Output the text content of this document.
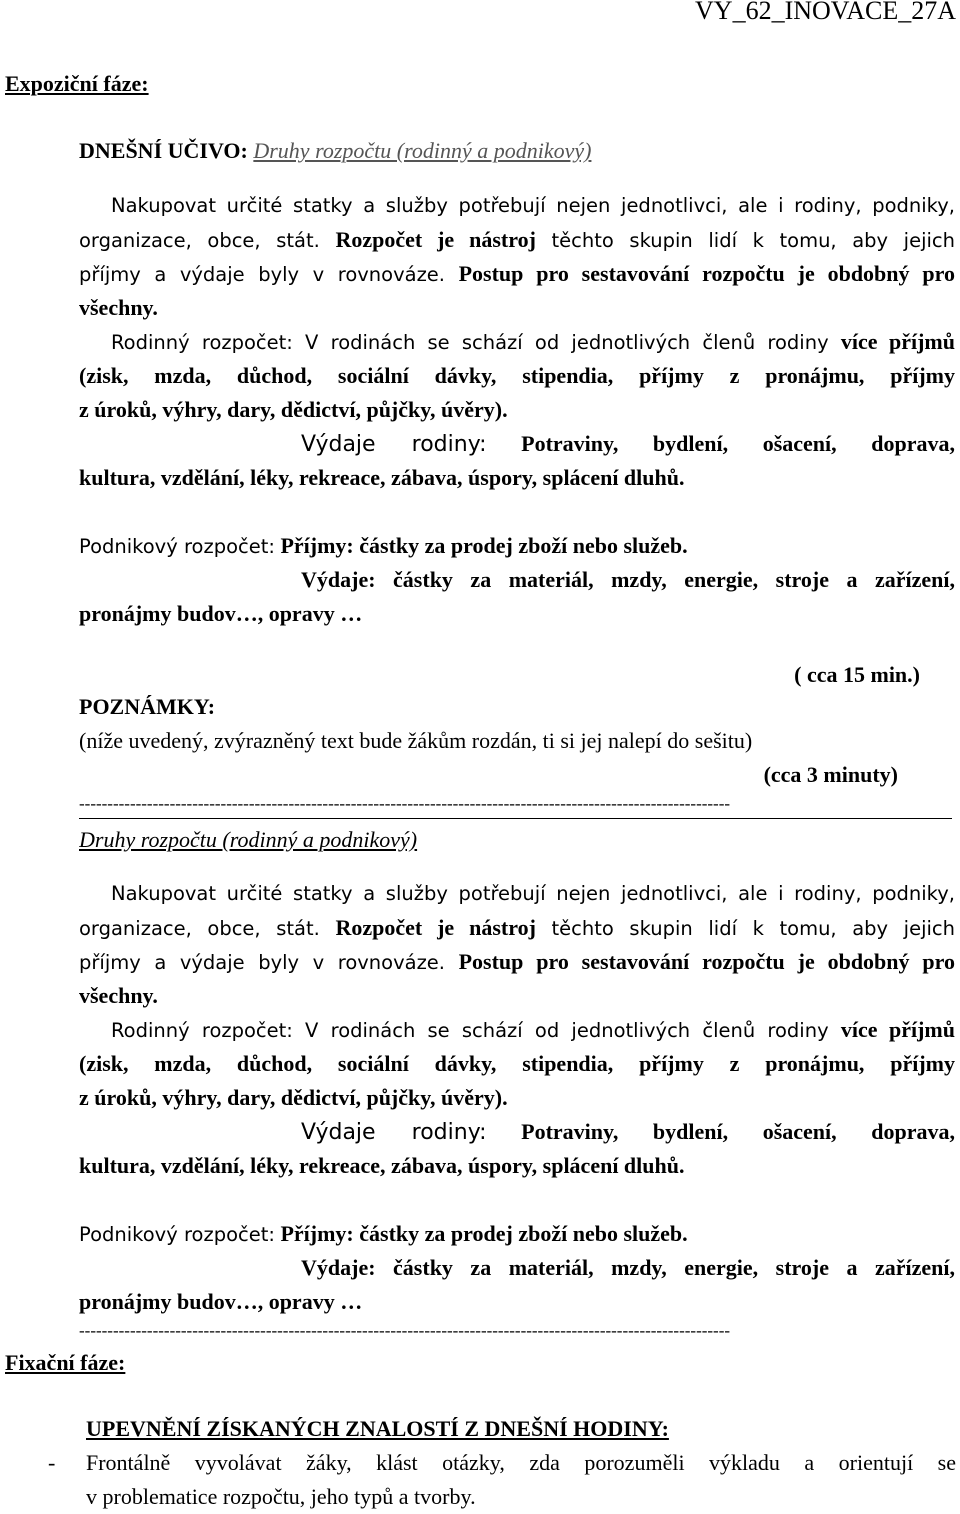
VY_62_INOVACE_27A
Expoziční fáze:
DNEŠNÍ UČIVO: Druhy rozpočtu (rodinný a podnikový)
Nakupovat určité statky a služby potřebují nejen jednotlivci, ale i rodiny, podniky,
organizace, obce, stát. Rozpočet je nástroj těchto skupin lidí k tomu, aby jejich
příjmy a výdaje byly v rovnováze. Postup pro sestavování rozpočtu je obdobný pro
všechny.
Rodinný rozpočet: V rodinách se schází od jednotlivých členů rodiny více příjmů
(zisk, mzda, důchod, sociální dávky, stipendia, příjmy z pronájmu, příjmy
z úroků, výhry, dary, dědictví, půjčky, úvěry).
Výdaje rodiny: Potraviny, bydlení, ošacení, doprava,
kultura, vzdělání, léky, rekreace, zábava, úspory, splácení dluhů.
Podnikový rozpočet: Příjmy: částky za prodej zboží nebo služeb.
Výdaje: částky za materiál, mzdy, energie, stroje a zařízení,
pronájmy budov…, opravy …
( cca 15 min.)
POZNÁMKY:
(níže uvedený, zvýrazněný text bude žákům rozdán, ti si jej nalepí do sešitu)
(cca 3 minuty)
-------------------------------------------------------------------------------------------------------------------
Druhy rozpočtu (rodinný a podnikový)
Nakupovat určité statky a služby potřebují nejen jednotlivci, ale i rodiny, podniky,
organizace, obce, stát. Rozpočet je nástroj těchto skupin lidí k tomu, aby jejich
příjmy a výdaje byly v rovnováze. Postup pro sestavování rozpočtu je obdobný pro
všechny.
Rodinný rozpočet: V rodinách se schází od jednotlivých členů rodiny více příjmů
(zisk, mzda, důchod, sociální dávky, stipendia, příjmy z pronájmu, příjmy
z úroků, výhry, dary, dědictví, půjčky, úvěry).
Výdaje rodiny: Potraviny, bydlení, ošacení, doprava,
kultura, vzdělání, léky, rekreace, zábava, úspory, splácení dluhů.
Podnikový rozpočet: Příjmy: částky za prodej zboží nebo služeb.
Výdaje: částky za materiál, mzdy, energie, stroje a zařízení,
pronájmy budov…, opravy …
-------------------------------------------------------------------------------------------------------------------
Fixační fáze:
UPEVNĚNÍ ZÍSKANÝCH ZNALOSTÍ Z DNEŠNÍ HODINY:
- Frontálně vyvolávat žáky, klást otázky, zda porozuměli výkladu a orientují se
v problematice rozpočtu, jeho typů a tvorby.
